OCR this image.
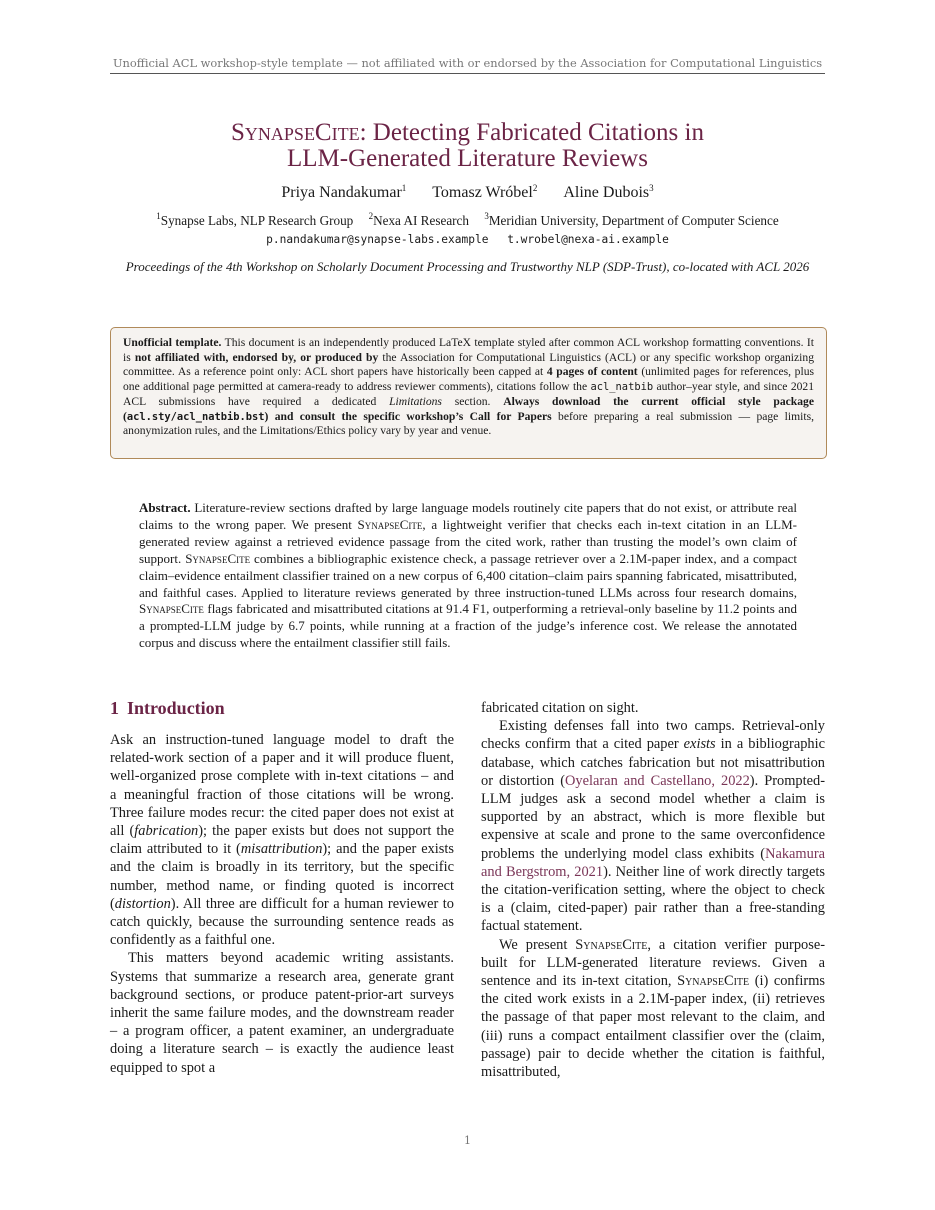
Unofficial ACL workshop-style template — not affiliated with or endorsed by the Association for Computational Linguistics
SynapseCite: Detecting Fabricated Citations in
LLM-Generated Literature Reviews
Priya Nandakumar$^1$ Tomasz Wróbel$^2$ Aline Dubois$^3$
$^1$Synapse Labs, NLP Research Group $^2$Nexa AI Research $^3$Meridian University, Department of Computer Science
p.nandakumar@synapse-labs.example t.wrobel@nexa-ai.example
Proceedings of the 4th Workshop on Scholarly Document Processing and Trustworthy NLP (SDP-Trust), co-located with ACL 2026
Unofficial template. This document is an independently produced LaTeX template styled after common ACL workshop formatting conventions. It is not affiliated with, endorsed by, or produced by the Association for Computational Linguistics (ACL) or any specific workshop organizing committee. As a reference point only: ACL short papers have historically been capped at 4 pages of content (unlimited pages for references, plus one additional page permitted at camera-ready to address reviewer comments), citations follow the acl_natbib author–year style, and since 2021 ACL submissions have required a dedicated Limitations section. Always download the current official style package (acl.sty/acl_natbib.bst) and consult the specific workshop’s Call for Papers before preparing a real submission — page limits, anonymization rules, and the Limitations/Ethics policy vary by year and venue.
Abstract. Literature-review sections drafted by large language models routinely cite papers that do not exist, or attribute real claims to the wrong paper. We present SynapseCite, a lightweight verifier that checks each in-text citation in an LLM-generated review against a retrieved evidence passage from the cited work, rather than trusting the model’s own claim of support. SynapseCite combines a bibliographic existence check, a passage retriever over a 2.1M-paper index, and a compact claim–evidence entailment classifier trained on a new corpus of 6,400 citation–claim pairs spanning fabricated, misattributed, and faithful cases. Applied to literature reviews generated by three instruction-tuned LLMs across four research domains, SynapseCite flags fabricated and misattributed citations at 91.4 F1, outperforming a retrieval-only baseline by 11.2 points and a prompted-LLM judge by 6.7 points, while running at a fraction of the judge’s inference cost. We release the annotated corpus and discuss where the entailment classifier still fails.
1 Introduction

Ask an instruction-tuned language model to draft the related-work section of a paper and it will produce fluent, well-organized prose complete with in-text citations – and a meaningful fraction of those citations will be wrong. Three failure modes recur: the cited paper does not exist at all (fabrication); the paper exists but does not support the claim attributed to it (misattribution); and the paper exists and the claim is broadly in its territory, but the specific number, method name, or finding quoted is incorrect (distortion). All three are difficult for a human reviewer to catch quickly, because the surrounding sentence reads as confidently as a faithful one.

This matters beyond academic writing assistants. Systems that summarize a research area, generate grant background sections, or produce patent-prior-art surveys inherit the same failure modes, and the downstream reader – a program officer, a patent examiner, an undergraduate doing a literature search – is exactly the audience least equipped to spot a

fabricated citation on sight.

Existing defenses fall into two camps. Retrieval-only checks confirm that a cited paper exists in a bibliographic database, which catches fabrication but not misattribution or distortion (Oyelaran and Castellano, 2022). Prompted-LLM judges ask a second model whether a claim is supported by an abstract, which is more flexible but expensive at scale and prone to the same overconfidence problems the underlying model class exhibits (Nakamura and Bergstrom, 2021). Neither line of work directly targets the citation-verification setting, where the object to check is a (claim, cited-paper) pair rather than a free-standing factual statement.

We present SynapseCite, a citation verifier purpose-built for LLM-generated literature reviews. Given a sentence and its in-text citation, SynapseCite (i) confirms the cited work exists in a 2.1M-paper index, (ii) retrieves the passage of that paper most relevant to the claim, and (iii) runs a compact entailment classifier over the (claim, passage) pair to decide whether the citation is faithful, misattributed,

1
